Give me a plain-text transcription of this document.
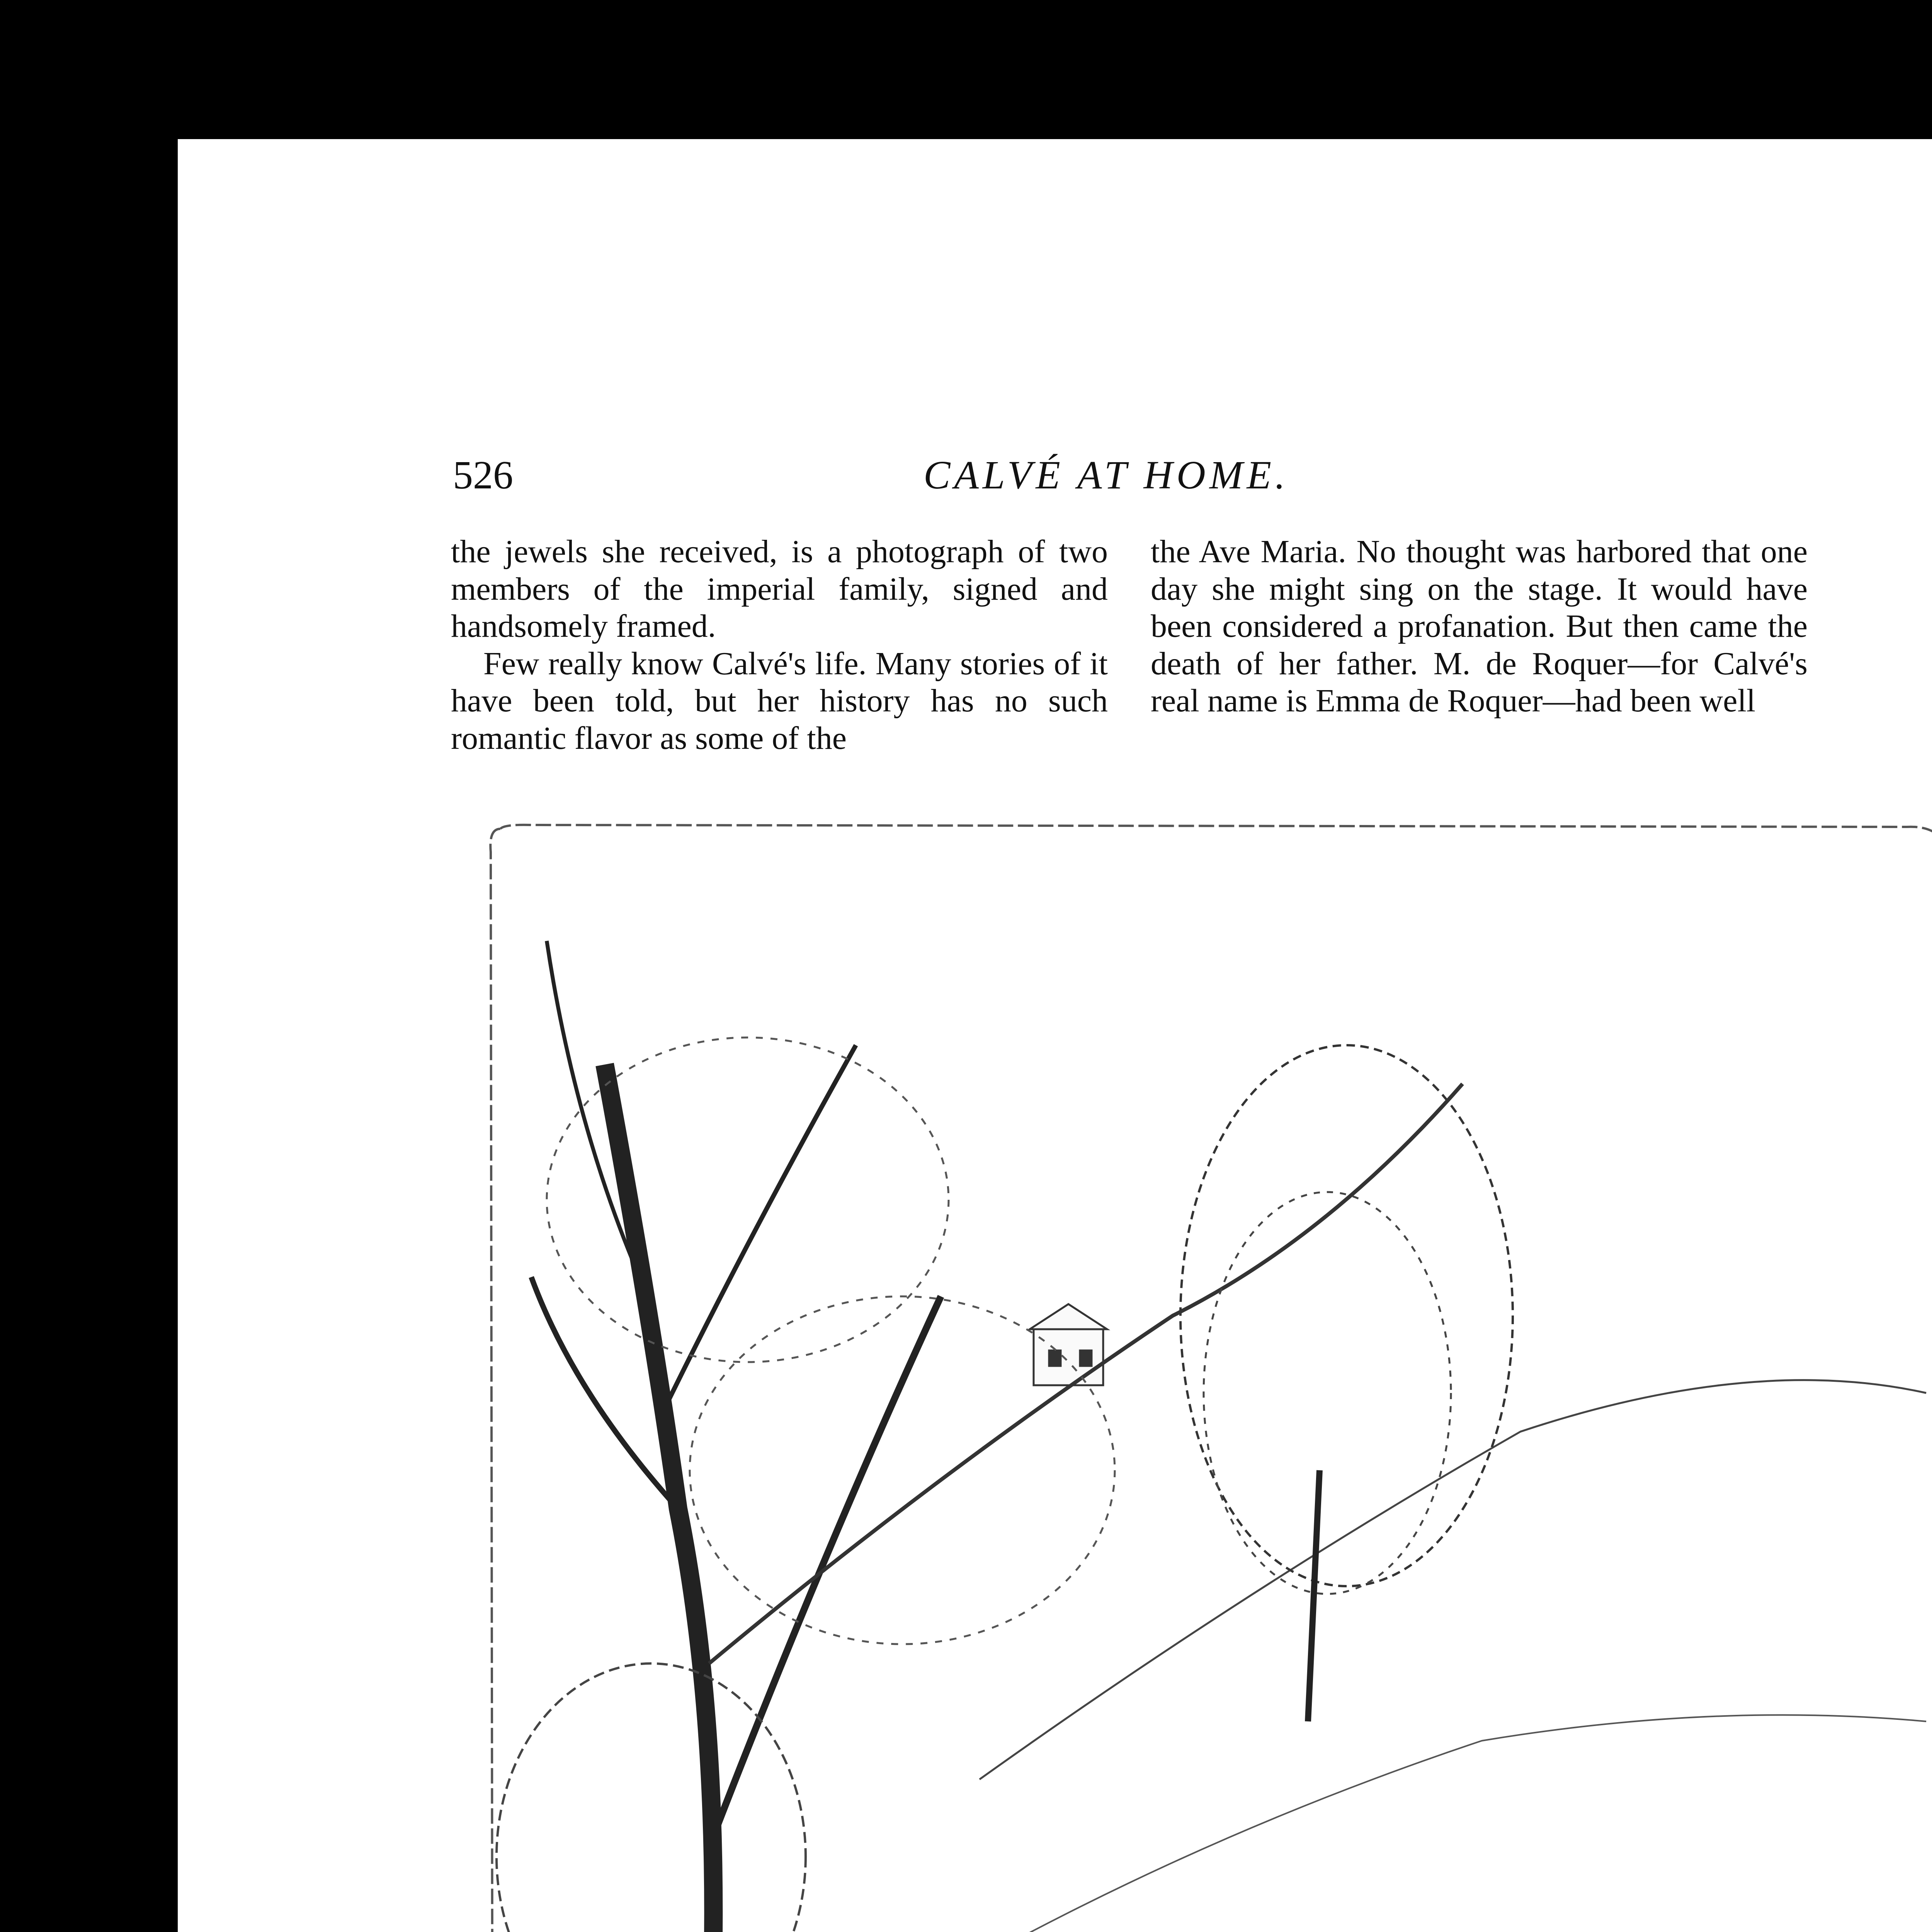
526	CALVÉ AT HOME.

the jewels she received, is a photograph of two members of the imperial family, signed and handsomely framed.

Few really know Calvé's life. Many stories of it have been told, but her history has no such romantic flavor as some of the

the Ave Maria. No thought was harbored that one day she might sing on the stage. It would have been considered a profanation. But then came the death of her father. M. de Roquer—for Calvé's real name is Emma de Roquer—had been well
